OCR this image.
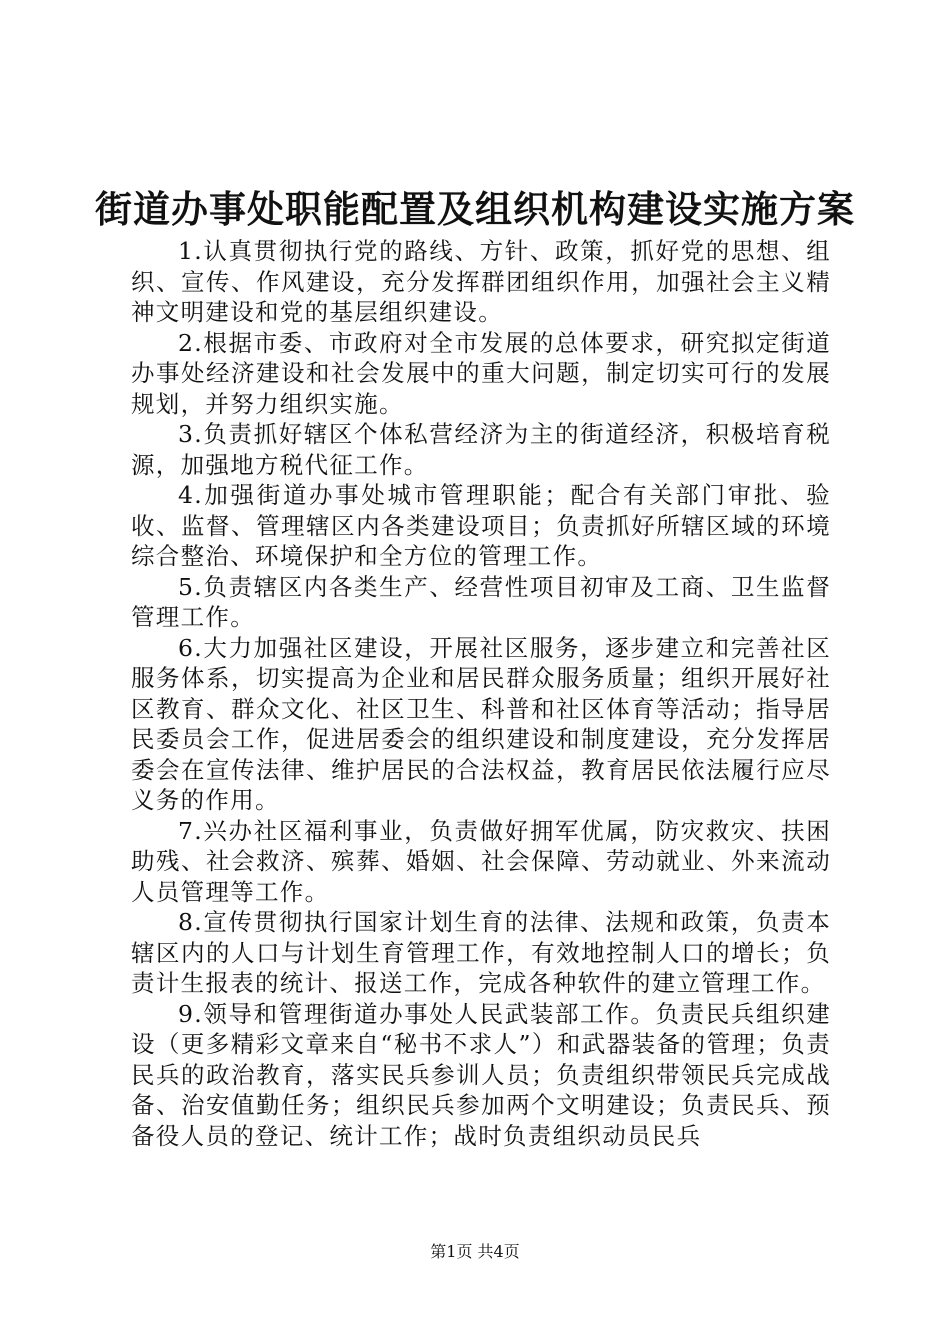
街道办事处职能配置及组织机构建设实施方案

1.认真贯彻执行党的路线、方针、政策，抓好党的思想、组织、宣传、作风建设，充分发挥群团组织作用，加强社会主义精神文明建设和党的基层组织建设。

2.根据市委、市政府对全市发展的总体要求，研究拟定街道办事处经济建设和社会发展中的重大问题，制定切实可行的发展规划，并努力组织实施。

3.负责抓好辖区个体私营经济为主的街道经济，积极培育税源，加强地方税代征工作。

4.加强街道办事处城市管理职能；配合有关部门审批、验收、监督、管理辖区内各类建设项目；负责抓好所辖区域的环境综合整治、环境保护和全方位的管理工作。

5.负责辖区内各类生产、经营性项目初审及工商、卫生监督管理工作。

6.大力加强社区建设，开展社区服务，逐步建立和完善社区服务体系，切实提高为企业和居民群众服务质量；组织开展好社区教育、群众文化、社区卫生、科普和社区体育等活动；指导居民委员会工作，促进居委会的组织建设和制度建设，充分发挥居委会在宣传法律、维护居民的合法权益，教育居民依法履行应尽义务的作用。

7.兴办社区福利事业，负责做好拥军优属，防灾救灾、扶困助残、社会救济、殡葬、婚姻、社会保障、劳动就业、外来流动人员管理等工作。

8.宣传贯彻执行国家计划生育的法律、法规和政策，负责本辖区内的人口与计划生育管理工作，有效地控制人口的增长；负责计生报表的统计、报送工作，完成各种软件的建立管理工作。

9.领导和管理街道办事处人民武装部工作。负责民兵组织建设（更多精彩文章来自“秘书不求人”）和武器装备的管理；负责民兵的政治教育，落实民兵参训人员；负责组织带领民兵完成战备、治安值勤任务；组织民兵参加两个文明建设；负责民兵、预备役人员的登记、统计工作；战时负责组织动员民兵

第1页 共4页
